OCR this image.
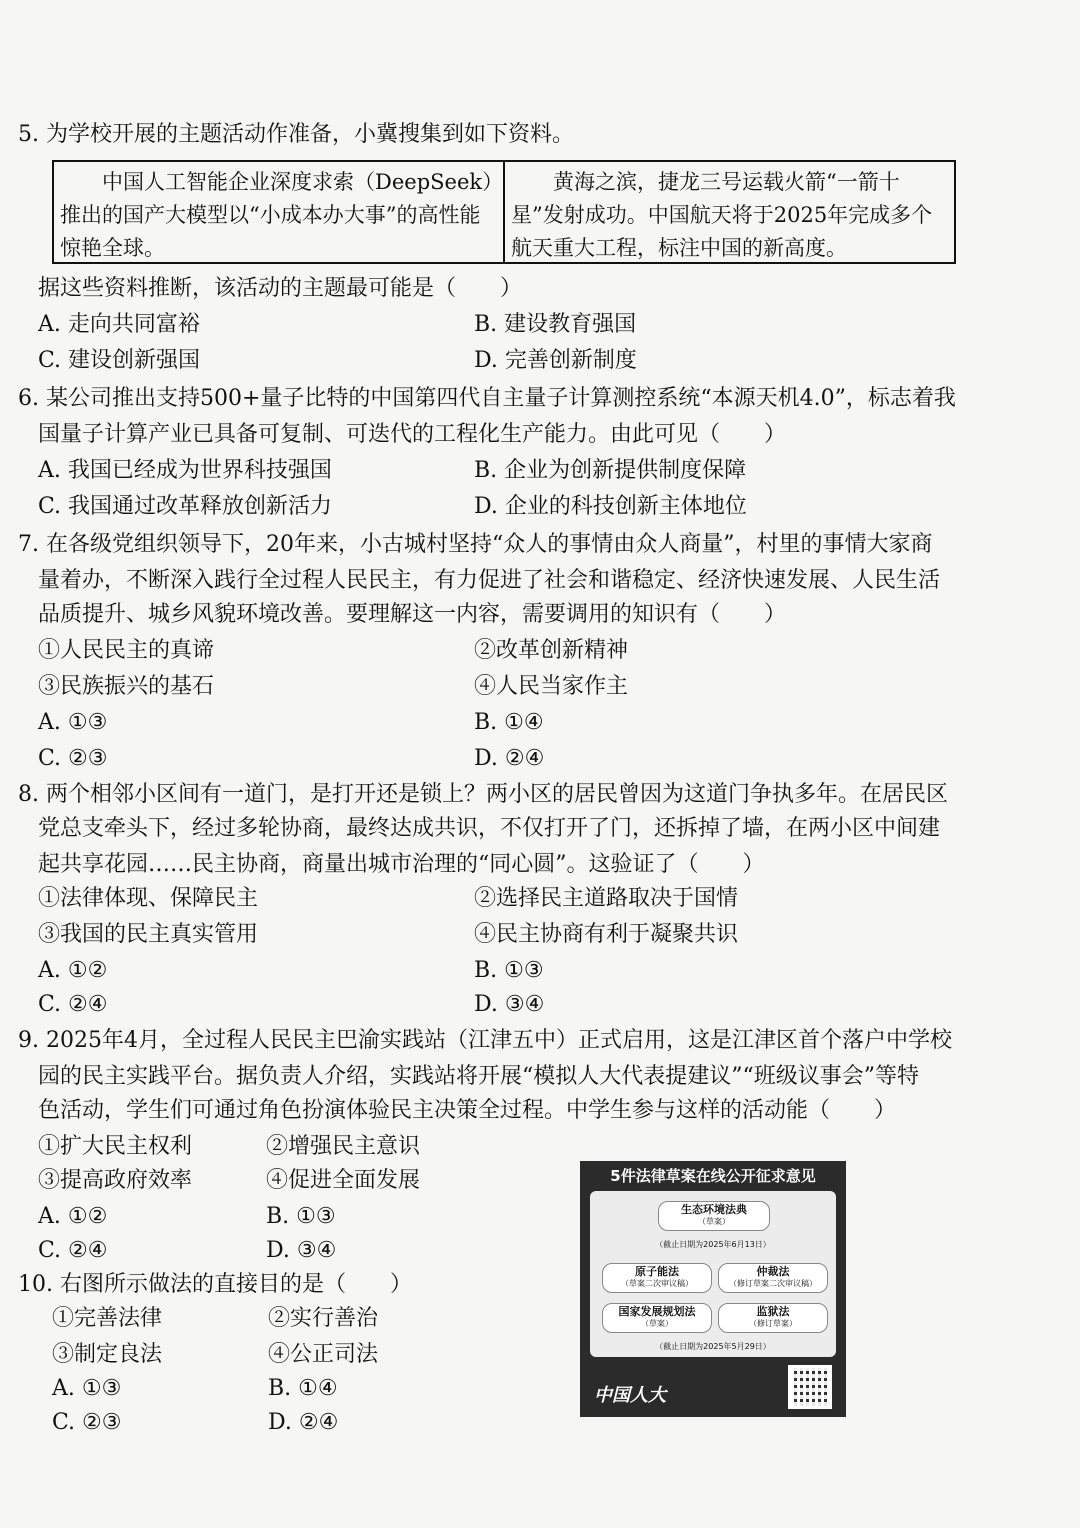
5. 为学校开展的主题活动作准备，小冀搜集到如下资料。
中国人工智能企业深度求索（DeepSeek）推出的国产大模型以“小成本办大事”的高性能惊艳全球。
黄海之滨，捷龙三号运载火箭“一箭十星”发射成功。中国航天将于2025年完成多个航天重大工程，标注中国的新高度。
据这些资料推断，该活动的主题最可能是（　　）
A. 走向共同富裕	B. 建设教育强国
C. 建设创新强国	D. 完善创新制度
6. 某公司推出支持500+量子比特的中国第四代自主量子计算测控系统“本源天机4.0”，标志着我
国量子计算产业已具备可复制、可迭代的工程化生产能力。由此可见（　　）
A. 我国已经成为世界科技强国	B. 企业为创新提供制度保障
C. 我国通过改革释放创新活力	D. 企业的科技创新主体地位
7. 在各级党组织领导下，20年来，小古城村坚持“众人的事情由众人商量”，村里的事情大家商
量着办，不断深入践行全过程人民民主，有力促进了社会和谐稳定、经济快速发展、人民生活
品质提升、城乡风貌环境改善。要理解这一内容，需要调用的知识有（　　）
①人民民主的真谛	②改革创新精神
③民族振兴的基石	④人民当家作主
A. ①③	B. ①④
C. ②③	D. ②④
8. 两个相邻小区间有一道门，是打开还是锁上？两小区的居民曾因为这道门争执多年。在居民区
党总支牵头下，经过多轮协商，最终达成共识，不仅打开了门，还拆掉了墙，在两小区中间建
起共享花园……民主协商，商量出城市治理的“同心圆”。这验证了（　　）
①法律体现、保障民主	②选择民主道路取决于国情
③我国的民主真实管用	④民主协商有利于凝聚共识
A. ①②	B. ①③
C. ②④	D. ③④
9. 2025年4月，全过程人民民主巴渝实践站（江津五中）正式启用，这是江津区首个落户中学校
园的民主实践平台。据负责人介绍，实践站将开展“模拟人大代表提建议”“班级议事会”等特
色活动，学生们可通过角色扮演体验民主决策全过程。中学生参与这样的活动能（　　）
①扩大民主权利	②增强民主意识
③提高政府效率	④促进全面发展
A. ①②	B. ①③
C. ②④	D. ③④
10. 右图所示做法的直接目的是（　　）
①完善法律	②实行善治
③制定良法	④公正司法
A. ①③	B. ①④
C. ②③	D. ②④
5件法律草案在线公开征求意见
生态环境法典
（草案）
（截止日期为2025年6月13日）
原子能法
（草案二次审议稿）
仲裁法
（修订草案二次审议稿）
国家发展规划法
（草案）
监狱法
（修订草案）
（截止日期为2025年5月29日）
中国人大
